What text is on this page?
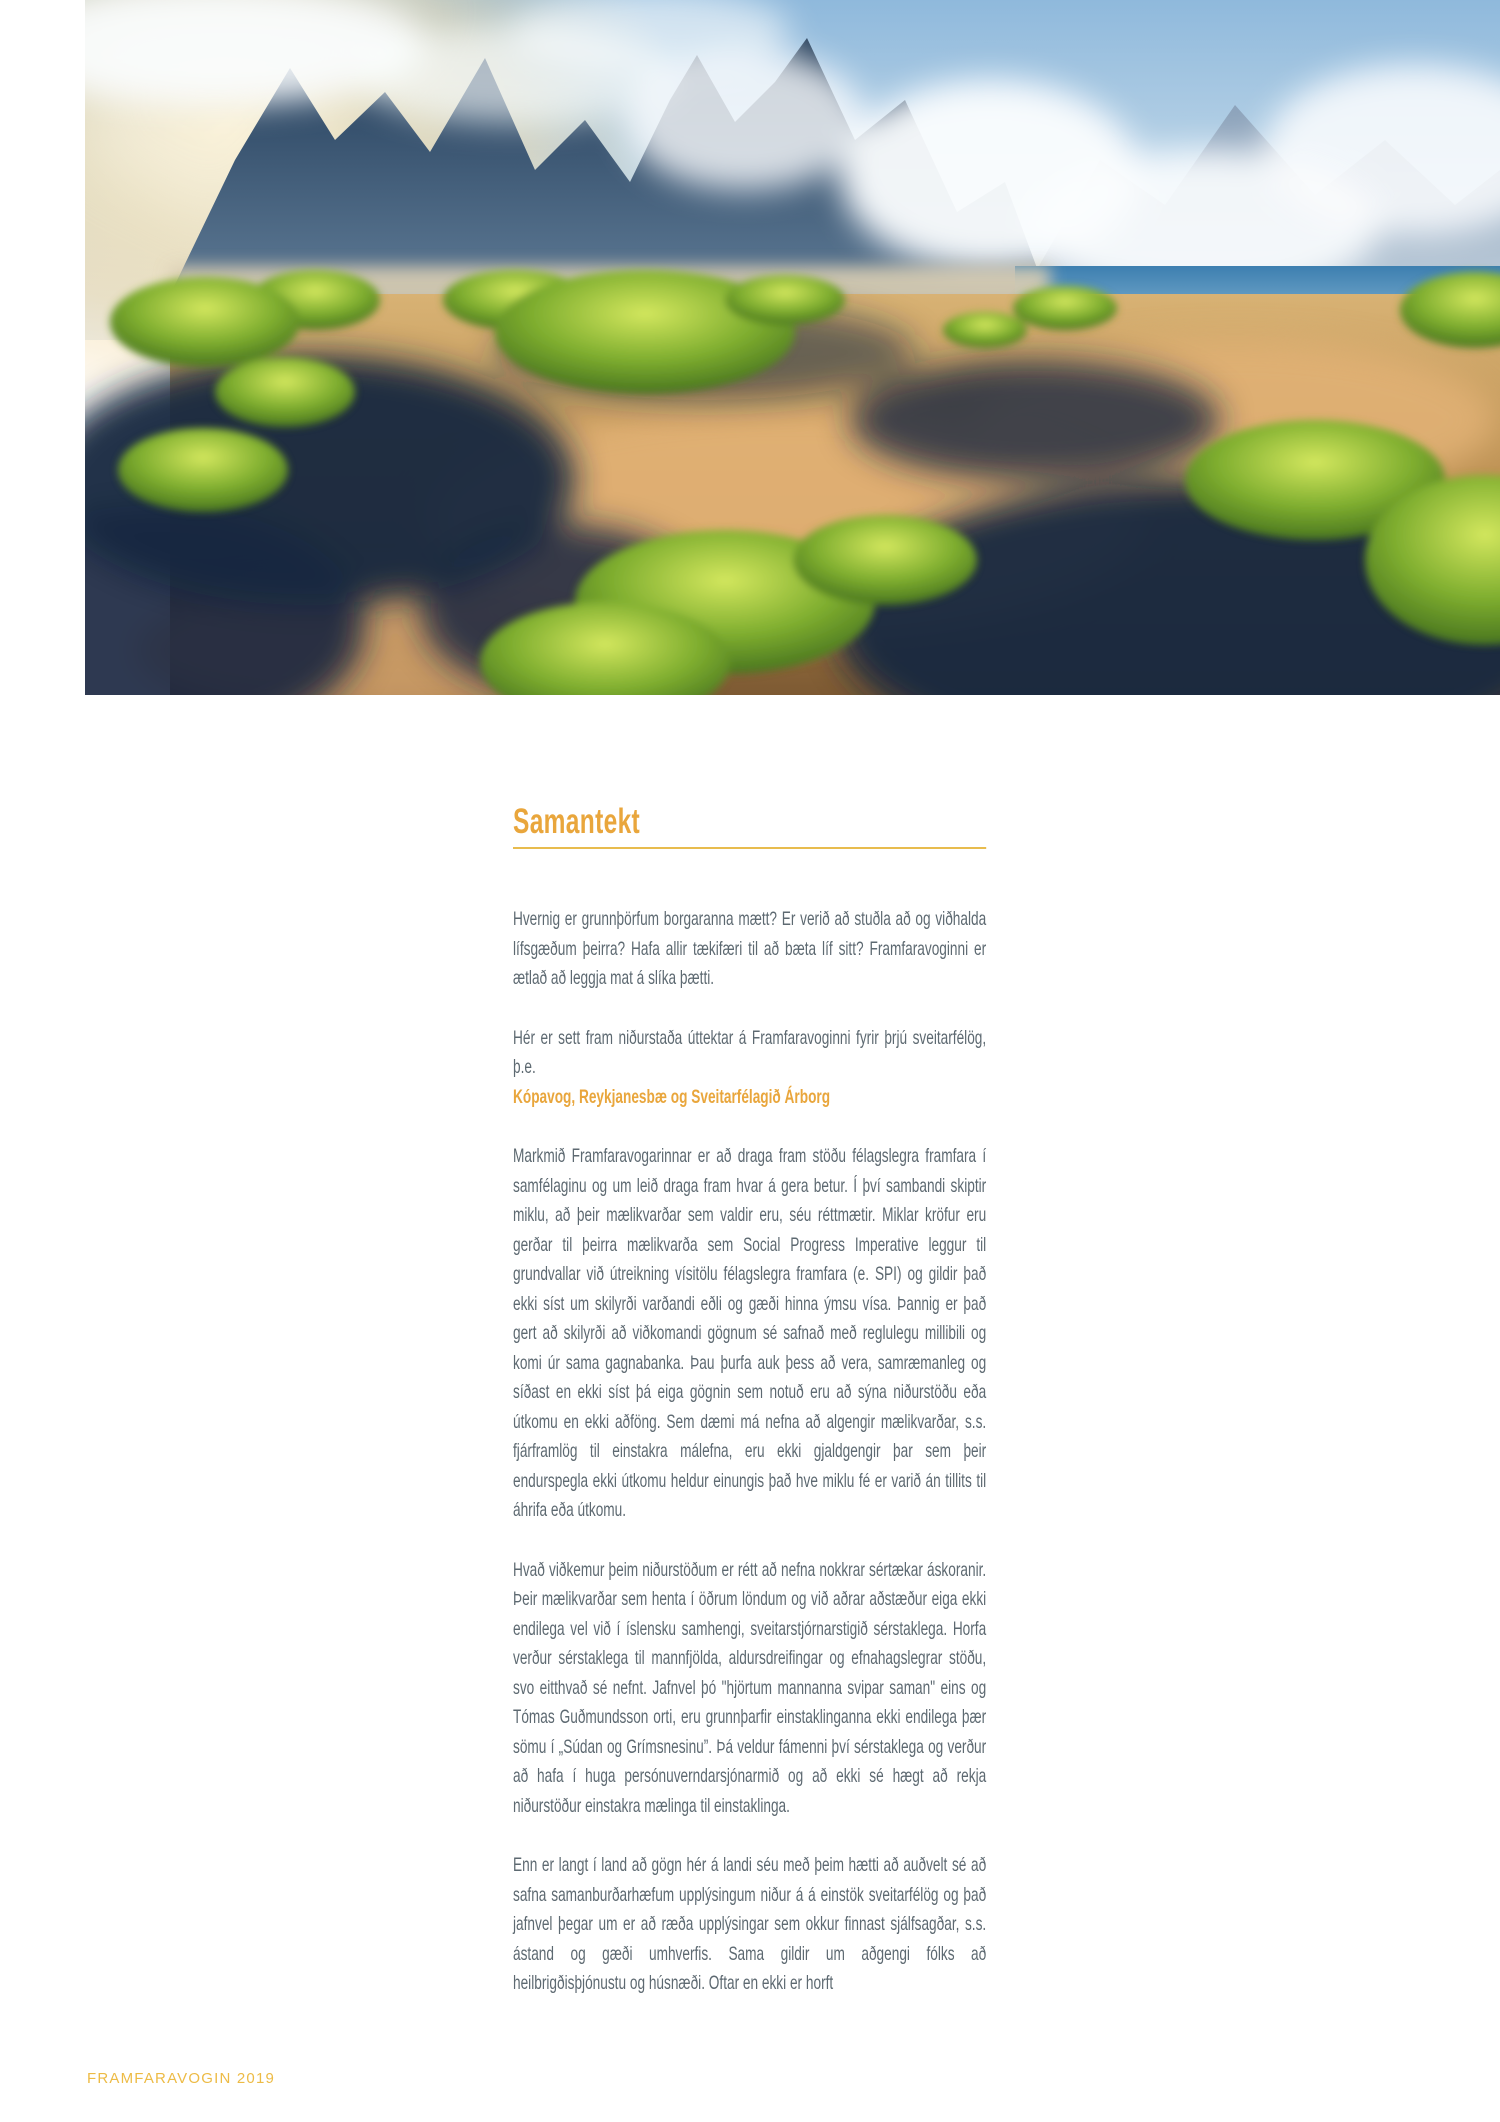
Samantekt

Hvernig er grunnþörfum borgaranna mætt? Er verið að stuðla að og viðhalda lífsgæðum þeirra? Hafa allir tækifæri til að bæta líf sitt? Framfaravoginni er ætlað að leggja mat á slíka þætti.

Hér er sett fram niðurstaða úttektar á Framfaravoginni fyrir þrjú sveitarfélög, þ.e.
Kópavog, Reykjanesbæ og Sveitarfélagið Árborg

Markmið Framfaravogarinnar er að draga fram stöðu félagslegra framfara í samfélaginu og um leið draga fram hvar á gera betur. Í því sambandi skiptir miklu, að þeir mælikvarðar sem valdir eru, séu réttmætir. Miklar kröfur eru gerðar til þeirra mælikvarða sem Social Progress Imperative leggur til grundvallar við útreikning vísitölu félagslegra framfara (e. SPI) og gildir það ekki síst um skilyrði varðandi eðli og gæði hinna ýmsu vísa. Þannig er það gert að skilyrði að viðkomandi gögnum sé safnað með reglulegu millibili og komi úr sama gagnabanka. Þau þurfa auk þess að vera, samræmanleg og síðast en ekki síst þá eiga gögnin sem notuð eru að sýna niðurstöðu eða útkomu en ekki aðföng. Sem dæmi má nefna að algengir mælikvarðar, s.s. fjárframlög til einstakra málefna, eru ekki gjaldgengir þar sem þeir endurspegla ekki útkomu heldur einungis það hve miklu fé er varið án tillits til áhrifa eða útkomu.

Hvað viðkemur þeim niðurstöðum er rétt að nefna nokkrar sértækar áskoranir. Þeir mælikvarðar sem henta í öðrum löndum og við aðrar aðstæður eiga ekki endilega vel við í íslensku samhengi, sveitarstjórnarstigið sérstaklega. Horfa verður sérstaklega til mannfjölda, aldursdreifingar og efnahagslegrar stöðu, svo eitthvað sé nefnt. Jafnvel þó "hjörtum mannanna svipar saman" eins og Tómas Guðmundsson orti, eru grunnþarfir einstaklinganna ekki endilega þær sömu í „Súdan og Grímsnesinu”. Þá veldur fámenni því sérstaklega og verður að hafa í huga persónuverndarsjónarmið og að ekki sé hægt að rekja niðurstöður einstakra mælinga til einstaklinga.

Enn er langt í land að gögn hér á landi séu með þeim hætti að auðvelt sé að safna samanburðarhæfum upplýsingum niður á á einstök sveitarfélög og það jafnvel þegar um er að ræða upplýsingar sem okkur finnast sjálfsagðar, s.s. ástand og gæði umhverfis. Sama gildir um aðgengi fólks að heilbrigðisþjónustu og húsnæði. Oftar en ekki er horft

FRAMFARAVOGIN 2019
